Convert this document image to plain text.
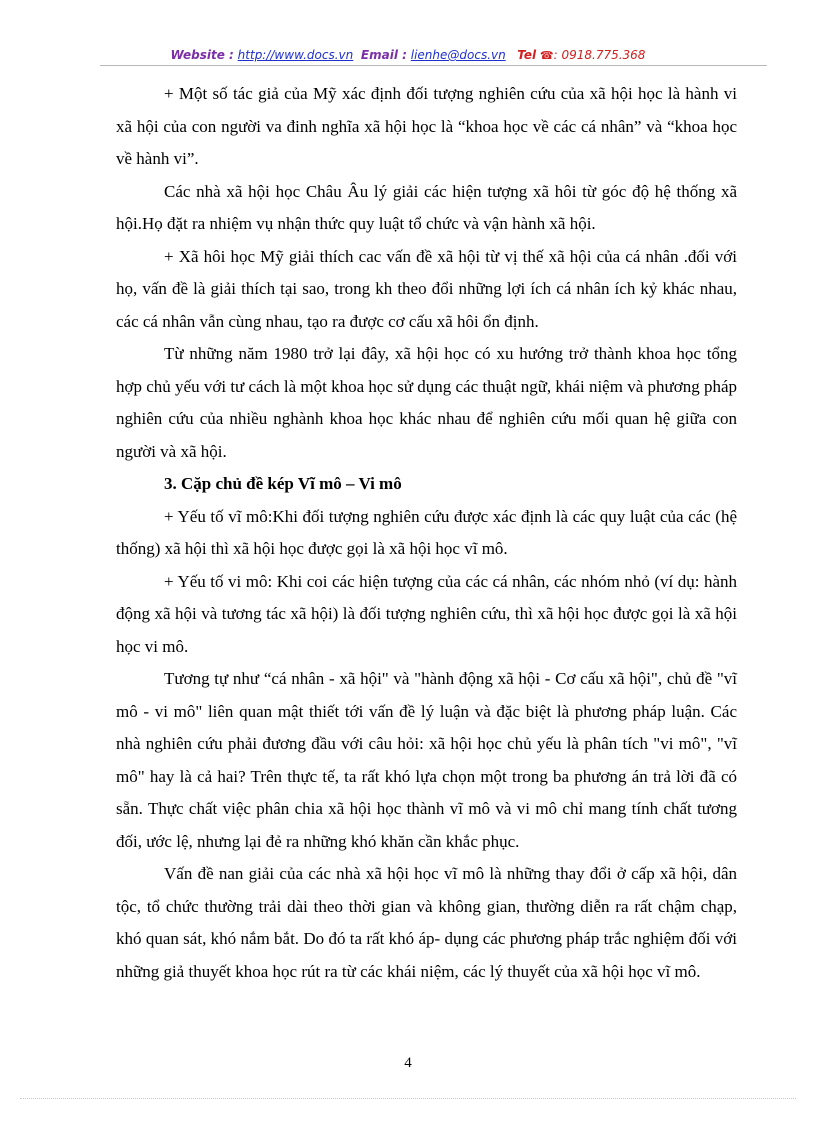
Website : http://www.docs.vn Email : lienhe@docs.vn Tel ☎: 0918.775.368

+ Một số tác giả của Mỹ xác định đối tượng nghiên cứu của xã hội học là hành vi xã hội của con người va đinh nghĩa xã hội học là “khoa học về các cá nhân” và “khoa học về hành vi”.

Các nhà xã hội học Châu Âu lý giải các hiện tượng xã hôi từ góc độ hệ thống xã hội.Họ đặt ra nhiệm vụ nhận thức quy luật tổ chức và vận hành xã hội.

+ Xã hôi học Mỹ giải thích cac vấn đề xã hội từ vị thế xã hội của cá nhân .đối với họ, vấn đề là giải thích tại sao, trong kh theo đổi những lợi ích cá nhân ích kỷ khác nhau, các cá nhân vẫn cùng nhau, tạo ra được cơ cấu xã hôi ổn định.

Từ những năm 1980 trở lại đây, xã hội học có xu hướng trở thành khoa học tổng hợp chủ yếu với tư cách là một khoa học sử dụng các thuật ngữ, khái niệm và phương pháp nghiên cứu của nhiều nghành khoa học khác nhau để nghiên cứu mối quan hệ giữa con người và xã hội.

3. Cặp chủ đề kép Vĩ mô – Vi mô

+ Yếu tố vĩ mô:Khi đối tượng nghiên cứu được xác định là các quy luật của các (hệ thống) xã hội thì xã hội học được gọi là xã hội học vĩ mô.

+ Yếu tố vi mô: Khi coi các hiện tượng của các cá nhân, các nhóm nhỏ (ví dụ: hành động xã hội và tương tác xã hội) là đối tượng nghiên cứu, thì xã hội học được gọi là xã hội học vi mô.

Tương tự như “cá nhân - xã hội" và "hành động xã hội - Cơ cấu xã hội", chủ đề "vĩ mô - vi mô" liên quan mật thiết tới vấn đề lý luận và đặc biệt là phương pháp luận. Các nhà nghiên cứu phải đương đầu với câu hỏi: xã hội học chủ yếu là phân tích "vi mô", "vĩ mô" hay là cả hai? Trên thực tế, ta rất khó lựa chọn một trong ba phương án trả lời đã có sẵn. Thực chất việc phân chia xã hội học thành vĩ mô và vi mô chỉ mang tính chất tương đối, ước lệ, nhưng lại đẻ ra những khó khăn cần khắc phục.

Vấn đề nan giải của các nhà xã hội học vĩ mô là những thay đổi ở cấp xã hội, dân tộc, tổ chức thường trải dài theo thời gian và không gian, thường diễn ra rất chậm chạp, khó quan sát, khó nắm bắt. Do đó ta rất khó áp- dụng các phương pháp trắc nghiệm đối với những giả thuyết khoa học rút ra từ các khái niệm, các lý thuyết của xã hội học vĩ mô.

4
